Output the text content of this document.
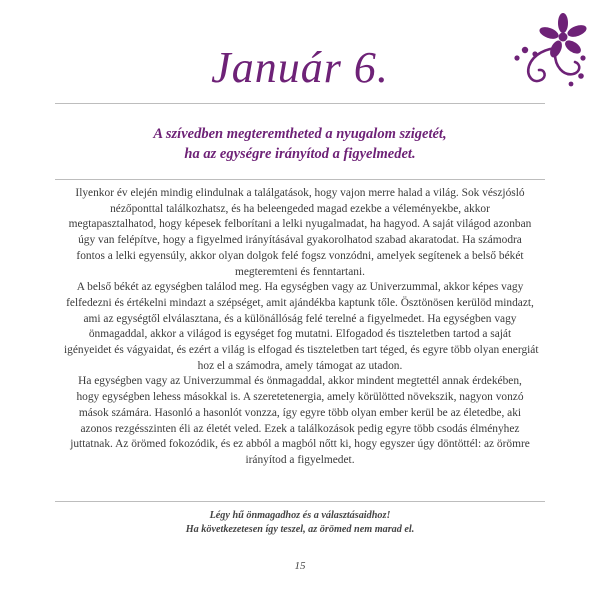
Január 6.
A szívedben megteremtheted a nyugalom szigetét,
ha az egységre irányítod a figyelmedet.
Ilyenkor év elején mindig elindulnak a találgatások, hogy vajon merre halad a világ. Sok vészjósló
nézőponttal találkozhatsz, és ha beleengeded magad ezekbe a véleményekbe, akkor
megtapasztalhatod, hogy képesek felborítani a lelki nyugalmadat, ha hagyod. A saját világod azonban
úgy van felépítve, hogy a figyelmed irányításával gyakorolhatod szabad akaratodat. Ha számodra
fontos a lelki egyensúly, akkor olyan dolgok felé fogsz vonzódni, amelyek segítenek a belső békét
megteremteni és fenntartani.
A belső békét az egységben találod meg. Ha egységben vagy az Univerzummal, akkor képes vagy
felfedezni és értékelni mindazt a szépséget, amit ajándékba kaptunk tőle. Ösztönösen kerülöd mindazt,
ami az egységtől elválasztana, és a különállóság felé terelné a figyelmedet. Ha egységben vagy
önmagaddal, akkor a világod is egységet fog mutatni. Elfogadod és tiszteletben tartod a saját
igényeidet és vágyaidat, és ezért a világ is elfogad és tiszteletben tart téged, és egyre több olyan energiát
hoz el a számodra, amely támogat az utadon.
Ha egységben vagy az Univerzummal és önmagaddal, akkor mindent megtettél annak érdekében,
hogy egységben lehess másokkal is. A szeretetenergia, amely körülötted növekszik, nagyon vonzó
mások számára. Hasonló a hasonlót vonzza, így egyre több olyan ember kerül be az életedbe, aki
azonos rezgésszinten éli az életét veled. Ezek a találkozások pedig egyre több csodás élményhez
juttatnak. Az örömed fokozódik, és ez abból a magból nőtt ki, hogy egyszer úgy döntöttél: az örömre
irányítod a figyelmedet.
Légy hű önmagadhoz és a választásaidhoz!
Ha következetesen így teszel, az örömed nem marad el.
15
